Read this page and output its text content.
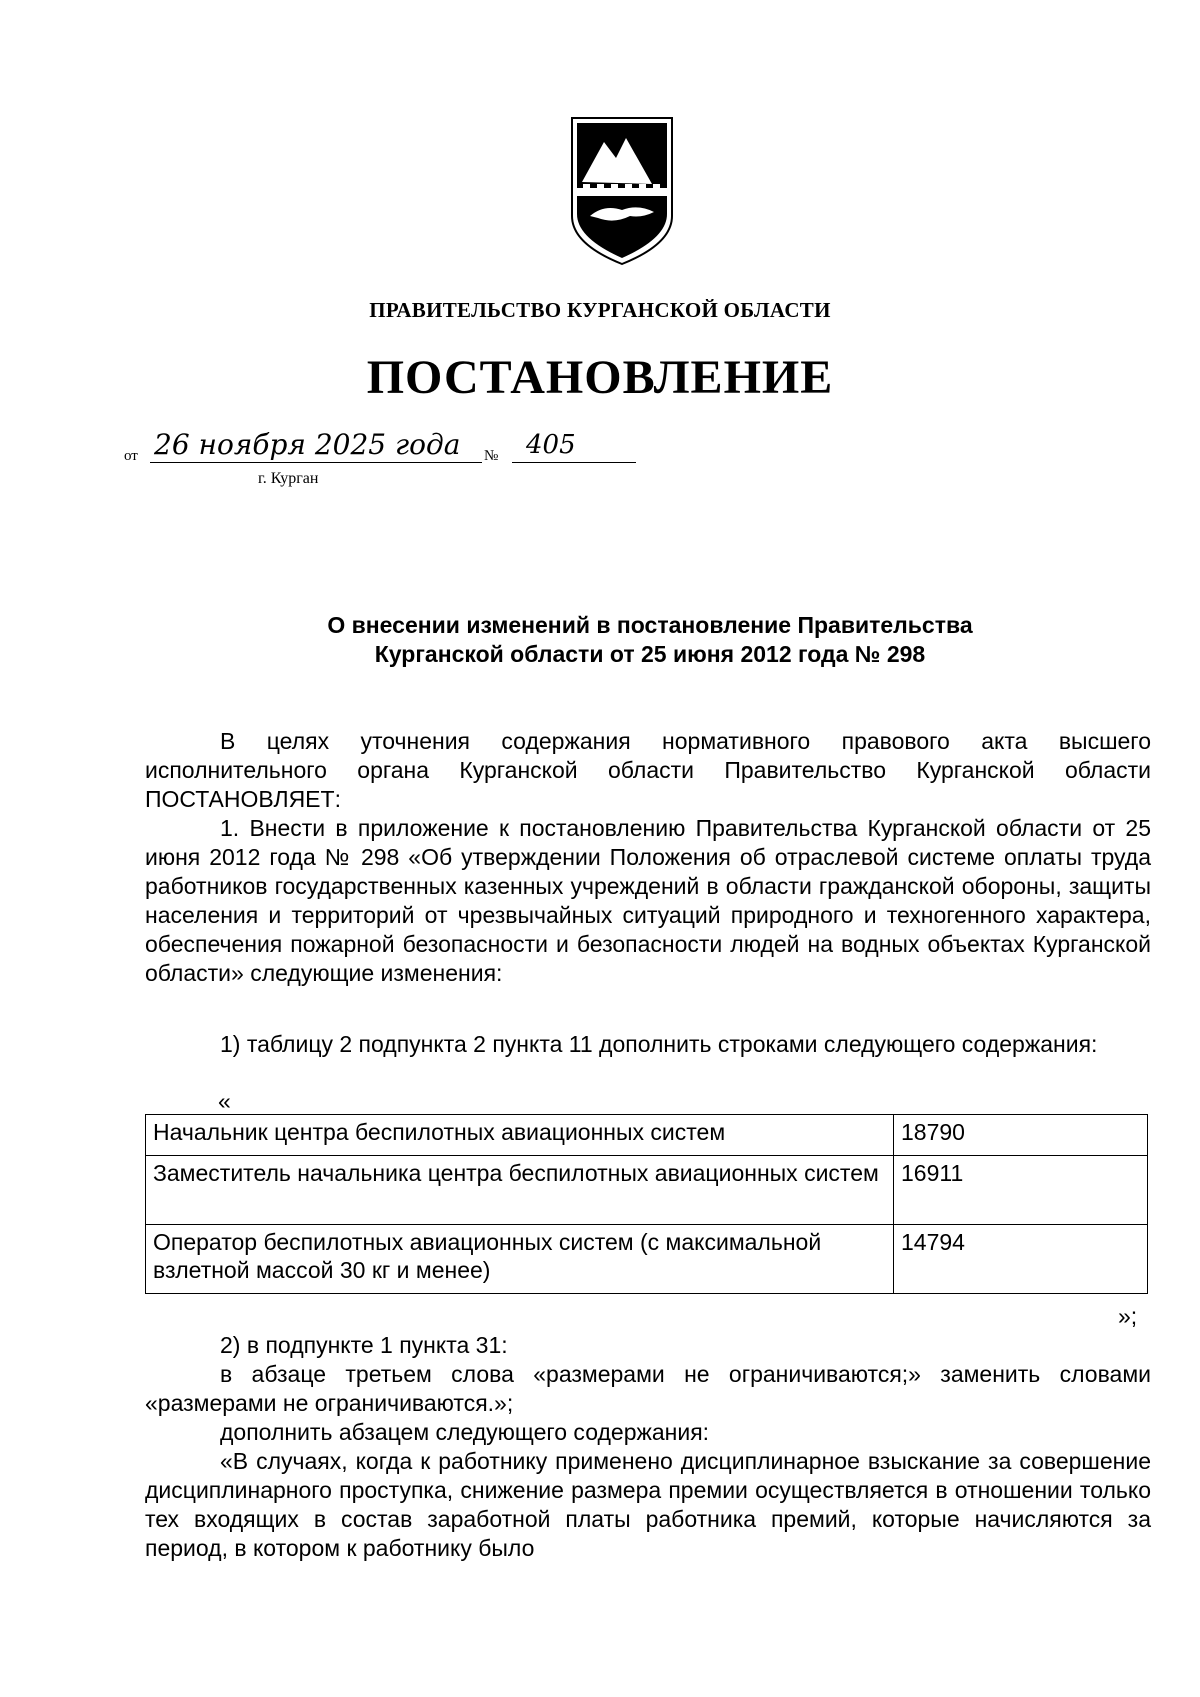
ПРАВИТЕЛЬСТВО КУРГАНСКОЙ ОБЛАСТИ
ПОСТАНОВЛЕНИЕ
от 26 ноября 2025 года	№	405
г. Курган
О внесении изменений в постановление Правительства
Курганской области от 25 июня 2012 года № 298
В целях уточнения содержания нормативного правового акта высшего исполнительного органа Курганской области Правительство Курганской области ПОСТАНОВЛЯЕТ:
1. Внести в приложение к постановлению Правительства Курганской области от 25 июня 2012 года № 298 «Об утверждении Положения об отраслевой системе оплаты труда работников государственных казенных учреждений в области гражданской обороны, защиты населения и территорий от чрезвычайных ситуаций природного и техногенного характера, обеспечения пожарной безопасности и безопасности людей на водных объектах Курганской области» следующие изменения:
1) таблицу 2 подпункта 2 пункта 11 дополнить строками следующего содержания:
«
Начальник центра беспилотных авиационных систем	18790
Заместитель начальника центра беспилотных авиационных систем	16911
Оператор беспилотных авиационных систем (с максимальной взлетной массой 30 кг и менее)	14794
»;
2) в подпункте 1 пункта 31:
в абзаце третьем слова «размерами не ограничиваются;» заменить словами «размерами не ограничиваются.»;
дополнить абзацем следующего содержания:
«В случаях, когда к работнику применено дисциплинарное взыскание за совершение дисциплинарного проступка, снижение размера премии осуществляется в отношении только тех входящих в состав заработной платы работника премий, которые начисляются за период, в котором к работнику было
